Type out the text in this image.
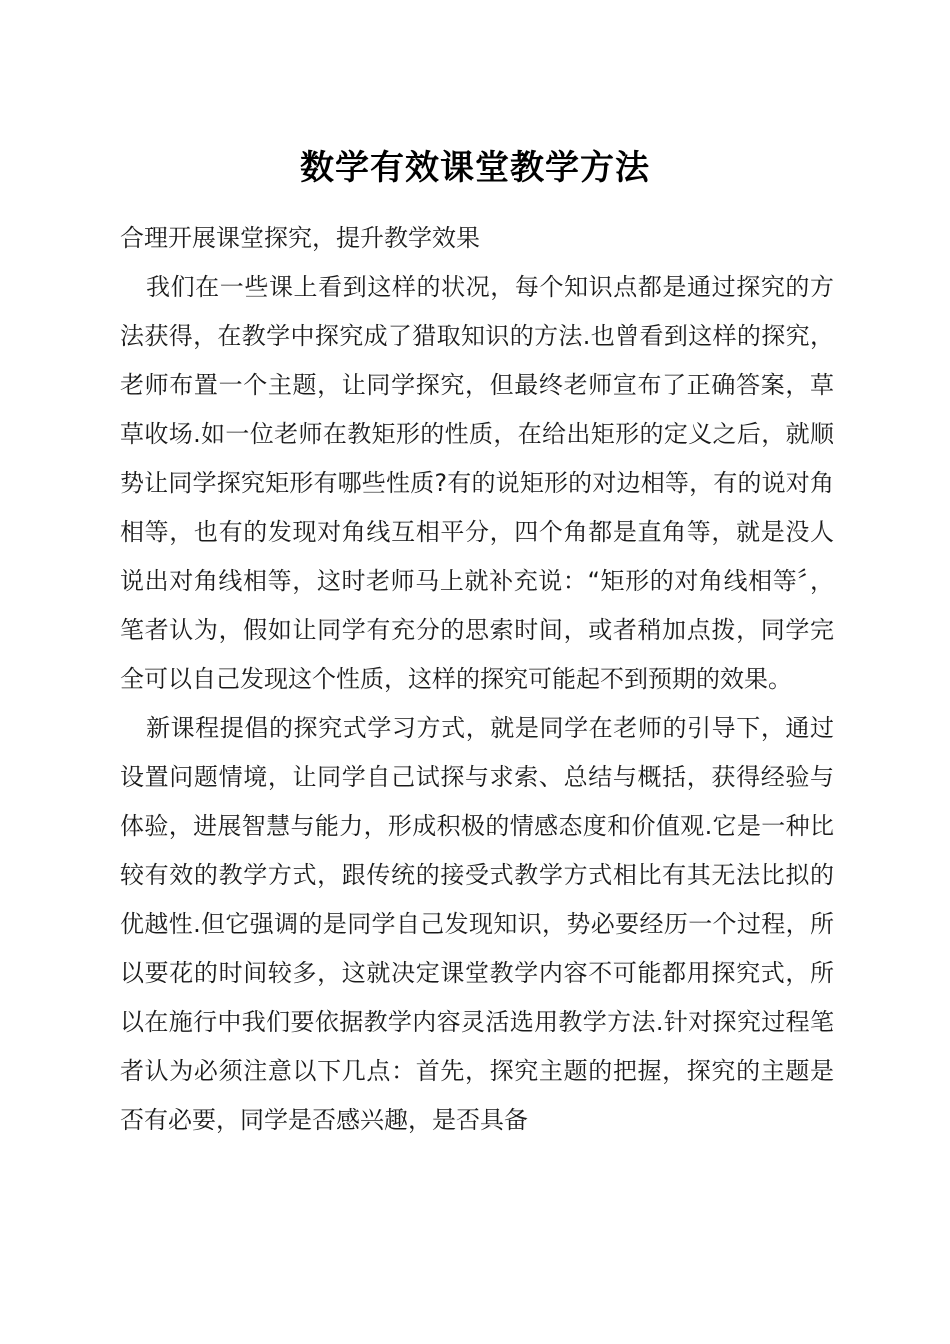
数学有效课堂教学方法

合理开展课堂探究，提升教学效果

我们在一些课上看到这样的状况，每个知识点都是通过探究的方法获得，在教学中探究成了猎取知识的方法.也曾看到这样的探究，老师布置一个主题，让同学探究，但最终老师宣布了正确答案，草草收场.如一位老师在教矩形的性质，在给出矩形的定义之后，就顺势让同学探究矩形有哪些性质?有的说矩形的对边相等，有的说对角相等，也有的发现对角线互相平分，四个角都是直角等，就是没人说出对角线相等，这时老师马上就补充说：“矩形的对角线相等〞，笔者认为，假如让同学有充分的思索时间，或者稍加点拨，同学完全可以自己发现这个性质，这样的探究可能起不到预期的效果。

新课程提倡的探究式学习方式，就是同学在老师的引导下，通过设置问题情境，让同学自己试探与求索、总结与概括，获得经验与体验，进展智慧与能力，形成积极的情感态度和价值观.它是一种比较有效的教学方式，跟传统的接受式教学方式相比有其无法比拟的优越性.但它强调的是同学自己发现知识，势必要经历一个过程，所以要花的时间较多，这就决定课堂教学内容不可能都用探究式，所以在施行中我们要依据教学内容灵活选用教学方法.针对探究过程笔者认为必须注意以下几点：首先，探究主题的把握，探究的主题是否有必要，同学是否感兴趣，是否具备
